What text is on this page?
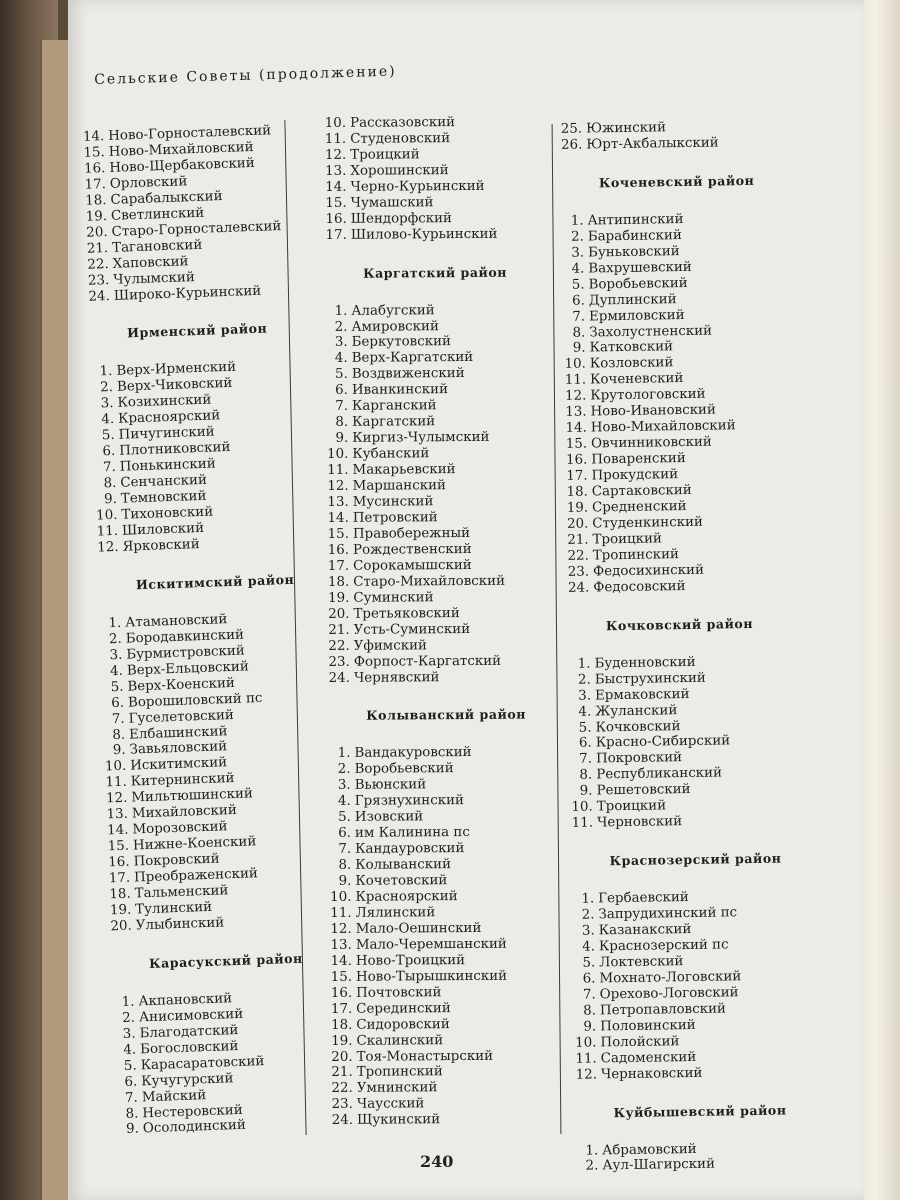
Сельские Советы (продолжение)
14. Ново-Горносталевский
15. Ново-Михайловский
16. Ново-Щербаковский
17. Орловский
18. Сарабалыкский
19. Светлинский
20. Старо-Горносталевский
21. Тагановский
22. Хаповский
23. Чулымский
24. Широко-Курьинский
Ирменский район
1. Верх-Ирменский
2. Верх-Чиковский
3. Козихинский
4. Красноярский
5. Пичугинский
6. Плотниковский
7. Понькинский
8. Сенчанский
9. Темновский
10. Тихоновский
11. Шиловский
12. Ярковский
Искитимский район
1. Атамановский
2. Бородавкинский
3. Бурмистровский
4. Верх-Ельцовский
5. Верх-Коенский
6. Ворошиловский пс
7. Гуселетовский
8. Елбашинский
9. Завьяловский
10. Искитимский
11. Китернинский
12. Мильтюшинский
13. Михайловский
14. Морозовский
15. Нижне-Коенский
16. Покровский
17. Преображенский
18. Тальменский
19. Тулинский
20. Улыбинский
Карасукский район
1. Акпановский
2. Анисимовский
3. Благодатский
4. Богословский
5. Карасаратовский
6. Кучугурский
7. Майский
8. Нестеровский
9. Осолодинский
10. Рассказовский
11. Студеновский
12. Троицкий
13. Хорошинский
14. Черно-Курьинский
15. Чумашский
16. Шендорфский
17. Шилово-Курьинский
Каргатский район
1. Алабугский
2. Амировский
3. Беркутовский
4. Верх-Каргатский
5. Воздвиженский
6. Иванкинский
7. Карганский
8. Каргатский
9. Киргиз-Чулымский
10. Кубанский
11. Макарьевский
12. Маршанский
13. Мусинский
14. Петровский
15. Правобережный
16. Рождественский
17. Сорокамышский
18. Старо-Михайловский
19. Суминский
20. Третьяковский
21. Усть-Суминский
22. Уфимский
23. Форпост-Каргатский
24. Чернявский
Колыванский район
1. Вандакуровский
2. Воробьевский
3. Вьюнский
4. Грязнухинский
5. Изовский
6. им Калинина пс
7. Кандауровский
8. Колыванский
9. Кочетовский
10. Красноярский
11. Лялинский
12. Мало-Оешинский
13. Мало-Черемшанский
14. Ново-Троицкий
15. Ново-Тырышкинский
16. Почтовский
17. Серединский
18. Сидоровский
19. Скалинский
20. Тоя-Монастырский
21. Тропинский
22. Умнинский
23. Чаусский
24. Щукинский
25. Южинский
26. Юрт-Акбалыкский
Коченевский район
1. Антипинский
2. Барабинский
3. Буньковский
4. Вахрушевский
5. Воробьевский
6. Дуплинский
7. Ермиловский
8. Захолустненский
9. Катковский
10. Козловский
11. Коченевский
12. Крутологовский
13. Ново-Ивановский
14. Ново-Михайловский
15. Овчинниковский
16. Поваренский
17. Прокудский
18. Сартаковский
19. Средненский
20. Студенкинский
21. Троицкий
22. Тропинский
23. Федосихинский
24. Федосовский
Кочковский район
1. Буденновский
2. Быструхинский
3. Ермаковский
4. Жуланский
5. Кочковский
6. Красно-Сибирский
7. Покровский
8. Республиканский
9. Решетовский
10. Троицкий
11. Черновский
Краснозерский район
1. Гербаевский
2. Запрудихинский пс
3. Казанакский
4. Краснозерский пс
5. Локтевский
6. Мохнато-Логовский
7. Орехово-Логовский
8. Петропавловский
9. Половинский
10. Полойский
11. Садоменский
12. Чернаковский
Куйбышевский район
1. Абрамовский
2. Аул-Шагирский
240
